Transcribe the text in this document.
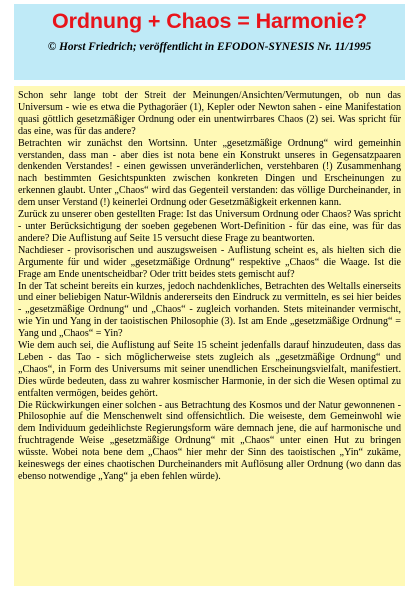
Ordnung + Chaos = Harmonie?
© Horst Friedrich; veröffentlicht in EFODON-SYNESIS Nr. 11/1995

Schon sehr lange tobt der Streit der Meinungen/Ansichten/Vermutungen, ob nun das Universum - wie es etwa die Pythagoräer (1), Kepler oder Newton sahen - eine Manifestation quasi göttlich gesetzmäßiger Ordnung oder ein unentwirrbares Chaos (2) sei. Was spricht für das eine, was für das andere?

Betrachten wir zunächst den Wortsinn. Unter „gesetzmäßige Ordnung“ wird gemeinhin verstanden, dass man - aber dies ist nota bene ein Konstrukt unseres in Gegensatzpaaren denkenden Verstandes! - einen gewissen unveränderlichen, verstehbaren (!) Zusammenhang nach bestimmten Gesichtspunkten zwischen konkreten Dingen und Erscheinungen zu erkennen glaubt. Unter „Chaos“ wird das Gegenteil verstanden: das völlige Durcheinander, in dem unser Verstand (!) keinerlei Ordnung oder Gesetzmäßigkeit erkennen kann.

Zurück zu unserer oben gestellten Frage: Ist das Universum Ordnung oder Chaos? Was spricht - unter Berücksichtigung der soeben gegebenen Wort-Definition - für das eine, was für das andere? Die Auflistung auf Seite 15 versucht diese Frage zu beantworten.

Nachdieser - provisorischen und auszugsweisen - Auflistung scheint es, als hielten sich die Argumente für und wider „gesetzmäßige Ordnung“ respektive „Chaos“ die Waage. Ist die Frage am Ende unentscheidbar? Oder tritt beides stets gemischt auf?

In der Tat scheint bereits ein kurzes, jedoch nachdenkliches, Betrachten des Weltalls einerseits und einer beliebigen Natur-Wildnis andererseits den Eindruck zu vermitteln, es sei hier beides - „gesetzmäßige Ordnung“ und „Chaos“ - zugleich vorhanden. Stets miteinander vermischt, wie Yin und Yang in der taoistischen Philosophie (3). Ist am Ende „gesetzmäßige Ordnung“ = Yang und „Chaos“ = Yin?

Wie dem auch sei, die Auflistung auf Seite 15 scheint jedenfalls darauf hinzudeuten, dass das Leben - das Tao - sich möglicherweise stets zugleich als „gesetzmäßige Ordnung“ und „Chaos“, in Form des Universums mit seiner unendlichen Erscheinungsvielfalt, manifestiert. Dies würde bedeuten, dass zu wahrer kosmischer Harmonie, in der sich die Wesen optimal zu entfalten vermögen, beides gehört.

Die Rückwirkungen einer solchen - aus Betrachtung des Kosmos und der Natur gewonnenen - Philosophie auf die Menschenwelt sind offensichtlich. Die weiseste, dem Gemeinwohl wie dem Individuum gedeihlichste Regierungsform wäre demnach jene, die auf harmonische und fruchtragende Weise „gesetzmäßige Ordnung“ mit „Chaos“ unter einen Hut zu bringen wüsste. Wobei nota bene dem „Chaos“ hier mehr der Sinn des taoistischen „Yin“ zukäme, keineswegs der eines chaotischen Durcheinanders mit Auflösung aller Ordnung (wo dann das ebenso notwendige „Yang“ ja eben fehlen würde).
